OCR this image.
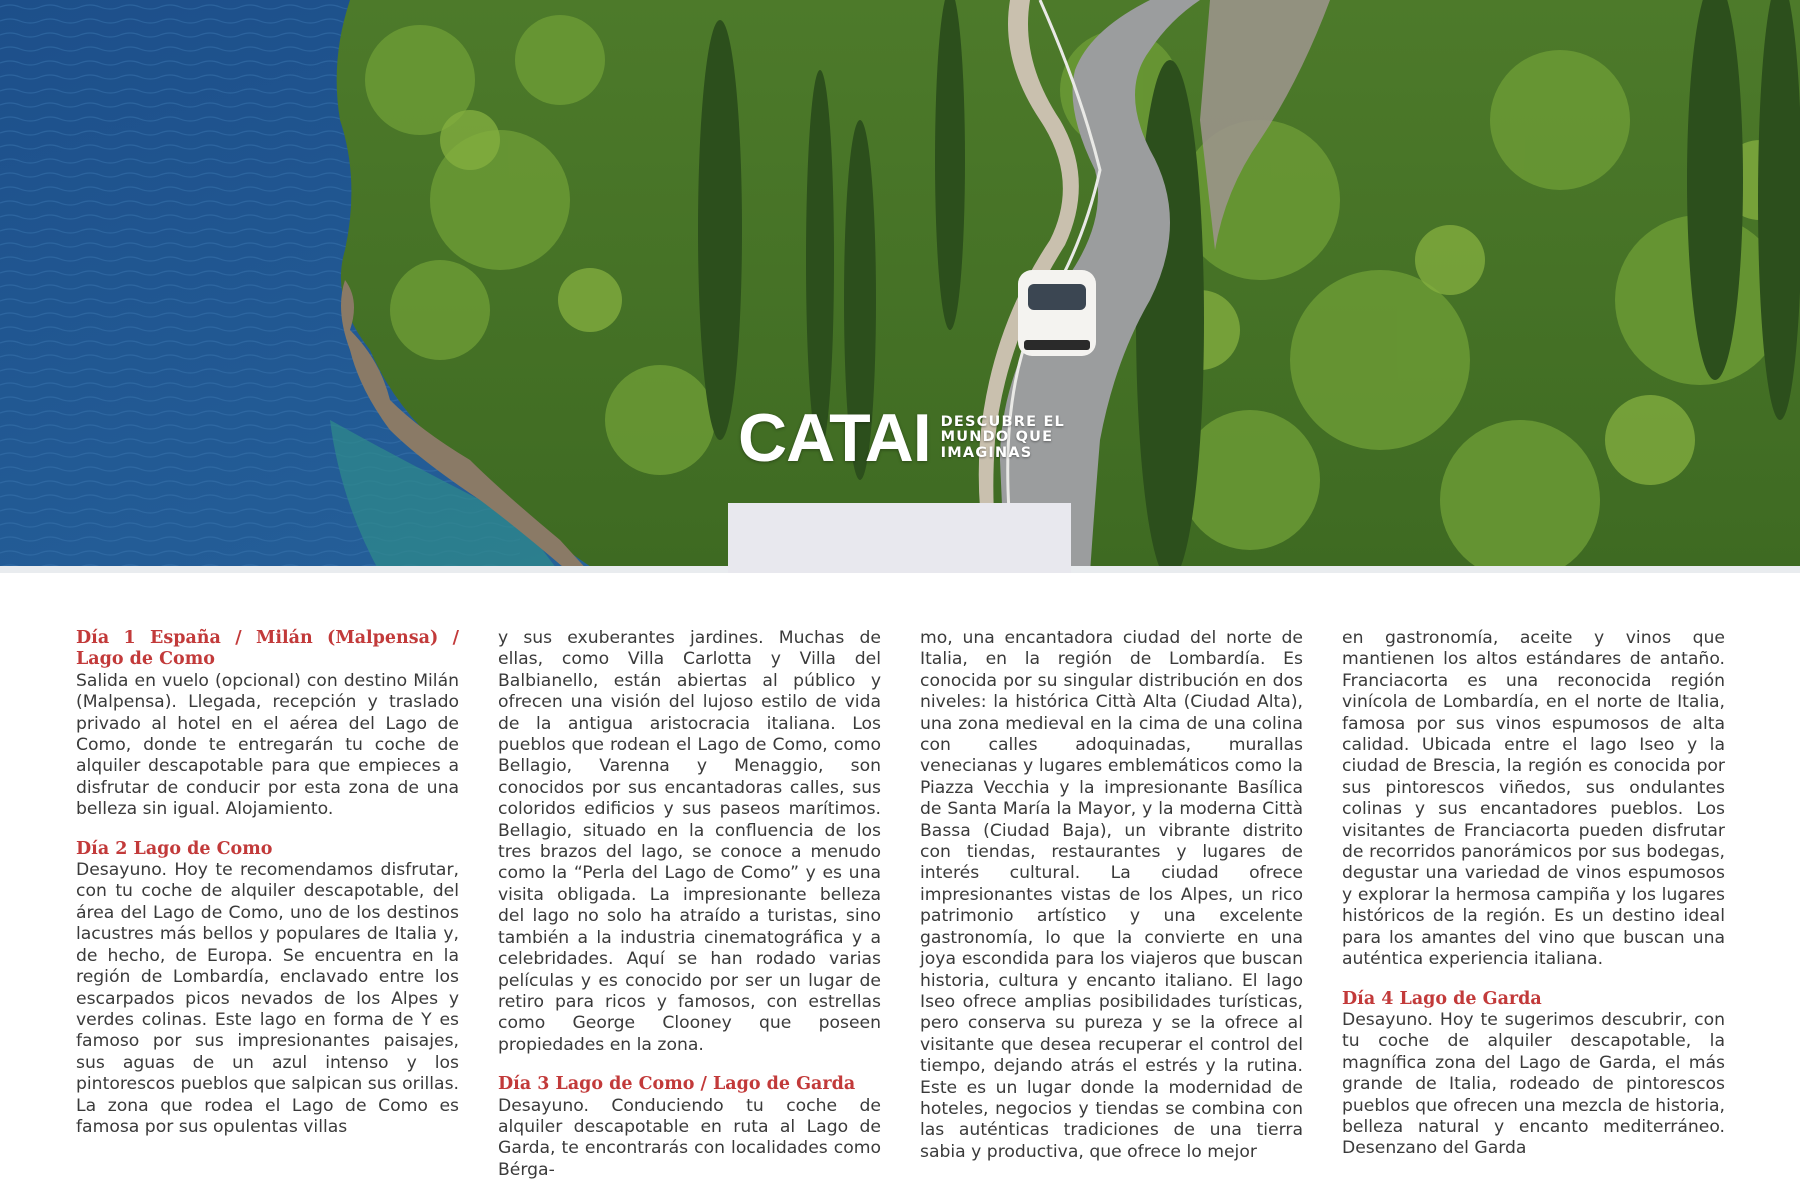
CATAI DESCUBRE EL
MUNDO QUE
IMAGINAS
Día 1 España / Milán (Malpensa) / Lago de Como

Salida en vuelo (opcional) con destino Milán (Malpensa). Llegada, recepción y traslado privado al hotel en el aérea del Lago de Como, donde te entregarán tu coche de alquiler descapotable para que empieces a disfrutar de conducir por esta zona de una belleza sin igual. Alojamiento.

Día 2 Lago de Como

Desayuno. Hoy te recomendamos disfrutar, con tu coche de alquiler descapotable, del área del Lago de Como, uno de los destinos lacustres más bellos y populares de Italia y, de hecho, de Europa. Se encuentra en la región de Lombardía, enclavado entre los escarpados picos nevados de los Alpes y verdes colinas. Este lago en forma de Y es famoso por sus impresionantes paisajes, sus aguas de un azul intenso y los pintorescos pueblos que salpican sus orillas. La zona que rodea el Lago de Como es famosa por sus opulentas villas

y sus exuberantes jardines. Muchas de ellas, como Villa Carlotta y Villa del Balbianello, están abiertas al público y ofrecen una visión del lujoso estilo de vida de la antigua aristocracia italiana. Los pueblos que rodean el Lago de Como, como Bellagio, Varenna y Menaggio, son conocidos por sus encantadoras calles, sus coloridos edificios y sus paseos marítimos. Bellagio, situado en la confluencia de los tres brazos del lago, se conoce a menudo como la “Perla del Lago de Como” y es una visita obligada. La impresionante belleza del lago no solo ha atraído a turistas, sino también a la industria cinematográfica y a celebridades. Aquí se han rodado varias películas y es conocido por ser un lugar de retiro para ricos y famosos, con estrellas como George Clooney que poseen propiedades en la zona.

Día 3 Lago de Como / Lago de Garda

Desayuno. Conduciendo tu coche de alquiler descapotable en ruta al Lago de Garda, te encontrarás con localidades como Bérga-

mo, una encantadora ciudad del norte de Italia, en la región de Lombardía. Es conocida por su singular distribución en dos niveles: la histórica Città Alta (Ciudad Alta), una zona medieval en la cima de una colina con calles adoquinadas, murallas venecianas y lugares emblemáticos como la Piazza Vecchia y la impresionante Basílica de Santa María la Mayor, y la moderna Città Bassa (Ciudad Baja), un vibrante distrito con tiendas, restaurantes y lugares de interés cultural. La ciudad ofrece impresionantes vistas de los Alpes, un rico patrimonio artístico y una excelente gastronomía, lo que la convierte en una joya escondida para los viajeros que buscan historia, cultura y encanto italiano. El lago Iseo ofrece amplias posibilidades turísticas, pero conserva su pureza y se la ofrece al visitante que desea recuperar el control del tiempo, dejando atrás el estrés y la rutina. Este es un lugar donde la modernidad de hoteles, negocios y tiendas se combina con las auténticas tradiciones de una tierra sabia y productiva, que ofrece lo mejor

en gastronomía, aceite y vinos que mantienen los altos estándares de antaño. Franciacorta es una reconocida región vinícola de Lombardía, en el norte de Italia, famosa por sus vinos espumosos de alta calidad. Ubicada entre el lago Iseo y la ciudad de Brescia, la región es conocida por sus pintorescos viñedos, sus ondulantes colinas y sus encantadores pueblos. Los visitantes de Franciacorta pueden disfrutar de recorridos panorámicos por sus bodegas, degustar una variedad de vinos espumosos y explorar la hermosa campiña y los lugares históricos de la región. Es un destino ideal para los amantes del vino que buscan una auténtica experiencia italiana.

Día 4 Lago de Garda

Desayuno. Hoy te sugerimos descubrir, con tu coche de alquiler descapotable, la magnífica zona del Lago de Garda, el más grande de Italia, rodeado de pintorescos pueblos que ofrecen una mezcla de historia, belleza natural y encanto mediterráneo. Desenzano del Garda
